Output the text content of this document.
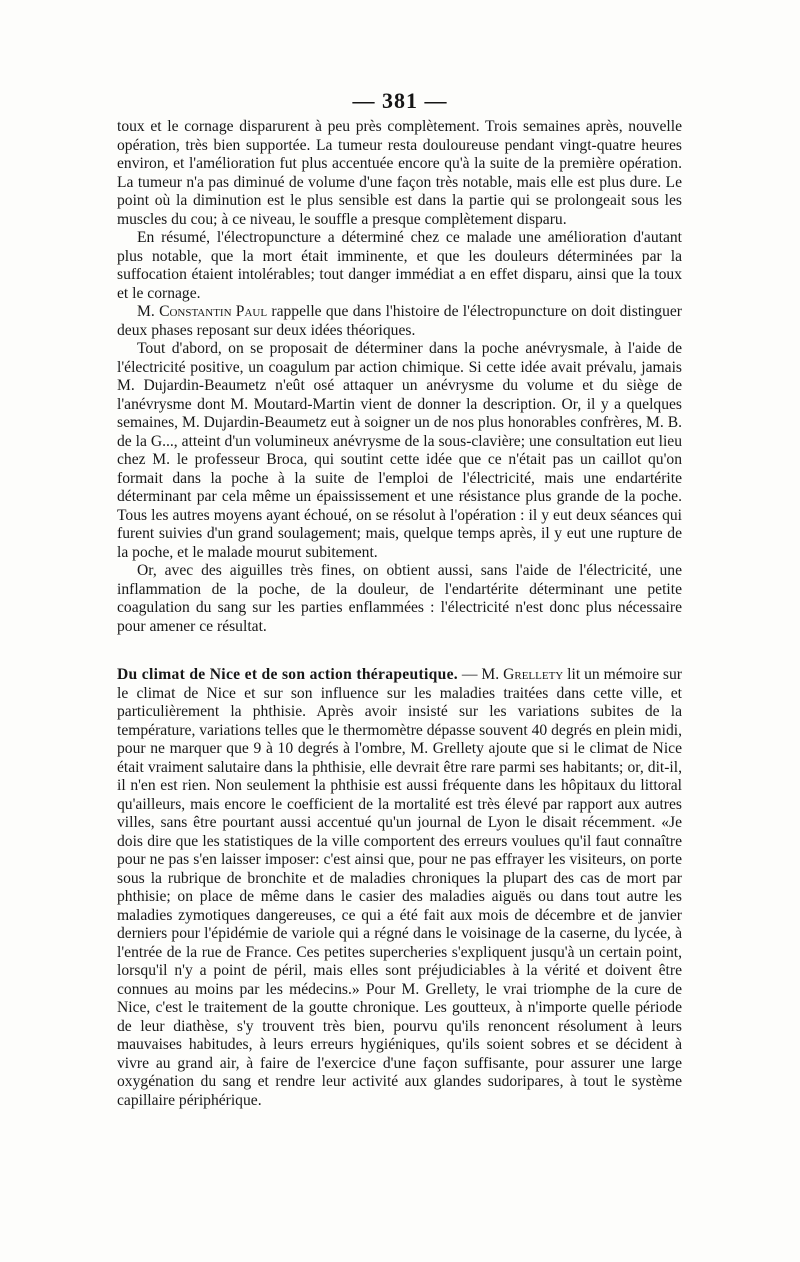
— 381 —

toux et le cornage disparurent à peu près complètement. Trois semaines après, nouvelle opération, très bien supportée. La tumeur resta douloureuse pendant vingt-quatre heures environ, et l'amélioration fut plus accentuée encore qu'à la suite de la première opération. La tumeur n'a pas diminué de volume d'une façon très notable, mais elle est plus dure. Le point où la diminution est le plus sensible est dans la partie qui se prolongeait sous les muscles du cou; à ce niveau, le souffle a presque complètement disparu.

En résumé, l'électropuncture a déterminé chez ce malade une amélioration d'autant plus notable, que la mort était imminente, et que les douleurs déterminées par la suffocation étaient intolérables; tout danger immédiat a en effet disparu, ainsi que la toux et le cornage.

M. Constantin Paul rappelle que dans l'histoire de l'électropuncture on doit distinguer deux phases reposant sur deux idées théoriques.

Tout d'abord, on se proposait de déterminer dans la poche anévrysmale, à l'aide de l'électricité positive, un coagulum par action chimique. Si cette idée avait prévalu, jamais M. Dujardin-Beaumetz n'eût osé attaquer un anévrysme du volume et du siège de l'anévrysme dont M. Moutard-Martin vient de donner la description. Or, il y a quelques semaines, M. Dujardin-Beaumetz eut à soigner un de nos plus honorables confrères, M. B. de la G..., atteint d'un volumineux anévrysme de la sous-clavière; une consultation eut lieu chez M. le professeur Broca, qui soutint cette idée que ce n'était pas un caillot qu'on formait dans la poche à la suite de l'emploi de l'électricité, mais une endartérite déterminant par cela même un épaississement et une résistance plus grande de la poche. Tous les autres moyens ayant échoué, on se résolut à l'opération : il y eut deux séances qui furent suivies d'un grand soulagement; mais, quelque temps après, il y eut une rupture de la poche, et le malade mourut subitement.

Or, avec des aiguilles très fines, on obtient aussi, sans l'aide de l'électricité, une inflammation de la poche, de la douleur, de l'endartérite déterminant une petite coagulation du sang sur les parties enflammées : l'électricité n'est donc plus nécessaire pour amener ce résultat.

Du climat de Nice et de son action thérapeutique. — M. Grellety lit un mémoire sur le climat de Nice et sur son influence sur les maladies traitées dans cette ville, et particulièrement la phthisie. Après avoir insisté sur les variations subites de la température, variations telles que le thermomètre dépasse souvent 40 degrés en plein midi, pour ne marquer que 9 à 10 degrés à l'ombre, M. Grellety ajoute que si le climat de Nice était vraiment salutaire dans la phthisie, elle devrait être rare parmi ses habitants; or, dit-il, il n'en est rien. Non seulement la phthisie est aussi fréquente dans les hôpitaux du littoral qu'ailleurs, mais encore le coefficient de la mortalité est très élevé par rapport aux autres villes, sans être pourtant aussi accentué qu'un journal de Lyon le disait récemment. «Je dois dire que les statistiques de la ville comportent des erreurs voulues qu'il faut connaître pour ne pas s'en laisser imposer: c'est ainsi que, pour ne pas effrayer les visiteurs, on porte sous la rubrique de bronchite et de maladies chroniques la plupart des cas de mort par phthisie; on place de même dans le casier des maladies aiguës ou dans tout autre les maladies zymotiques dangereuses, ce qui a été fait aux mois de décembre et de janvier derniers pour l'épidémie de variole qui a régné dans le voisinage de la caserne, du lycée, à l'entrée de la rue de France. Ces petites supercheries s'expliquent jusqu'à un certain point, lorsqu'il n'y a point de péril, mais elles sont préjudiciables à la vérité et doivent être connues au moins par les médecins.» Pour M. Grellety, le vrai triomphe de la cure de Nice, c'est le traitement de la goutte chronique. Les goutteux, à n'importe quelle période de leur diathèse, s'y trouvent très bien, pourvu qu'ils renoncent résolument à leurs mauvaises habitudes, à leurs erreurs hygiéniques, qu'ils soient sobres et se décident à vivre au grand air, à faire de l'exercice d'une façon suffisante, pour assurer une large oxygénation du sang et rendre leur activité aux glandes sudoripares, à tout le système capillaire périphérique.
